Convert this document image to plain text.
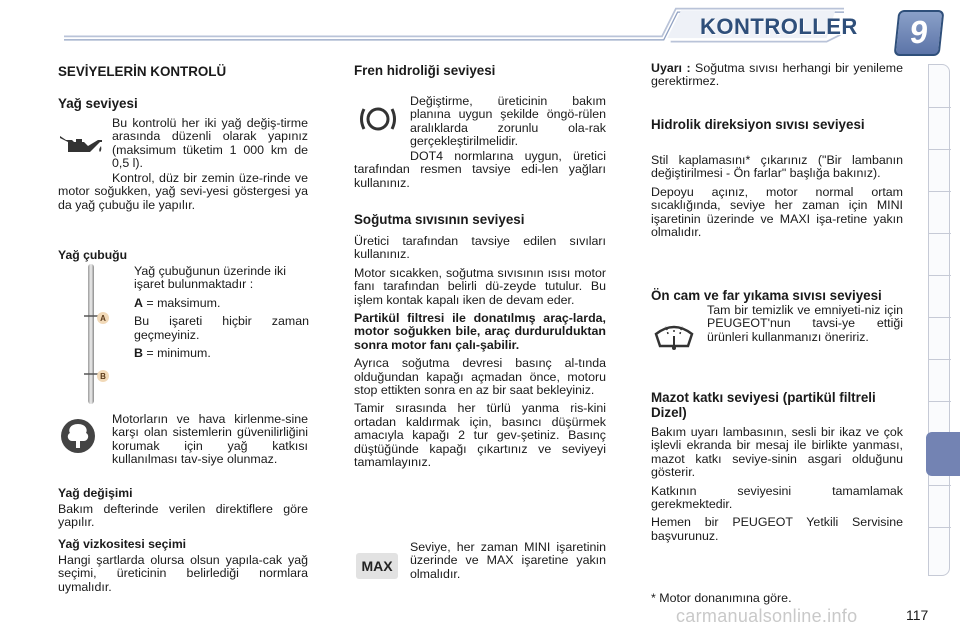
KONTROLLER	9
SEVİYELERİN KONTROLÜ
Yağ seviyesi
Bu kontrolü her iki yağ değiş-tirme arasında düzenli olarak yapınız (maksimum tüketim 1 000 km de 0,5 l).
Kontrol, düz bir zemin üze-rinde ve motor soğukken, yağ sevi-yesi göstergesi ya da yağ çubuğu ile yapılır.
Yağ çubuğu
A
B

Yağ çubuğunun üzerinde iki işaret bulunmaktadır :

A = maksimum.

Bu işareti hiçbir zaman geçmeyiniz.

B = minimum.

Motorların ve hava kirlenme-sine karşı olan sistemlerin güvenilirliğini korumak için yağ katkısı kullanılması tav-siye olunmaz.
Yağ değişimi
Bakım defterinde verilen direktiflere göre yapılır.
Yağ vizkositesi seçimi
Hangi şartlarda olursa olsun yapıla-cak yağ seçimi, üreticinin belirlediği normlara uymalıdır.
Fren hidroliği seviyesi
Değiştirme, üreticinin bakım planına uygun şekilde öngö-rülen aralıklarda zorunlu ola-rak gerçekleştirilmelidir.
DOT4 normlarına uygun, üretici tarafından resmen tavsiye edi-len yağları kullanınız.
Soğutma sıvısının seviyesi

Üretici tarafından tavsiye edilen sıvıları kullanınız.

Motor sıcakken, soğutma sıvısının ısısı motor fanı tarafından belirli dü-zeyde tutulur. Bu işlem kontak kapalı iken de devam eder.

Partikül filtresi ile donatılmış araç-larda, motor soğukken bile, araç durdurulduktan sonra motor fanı çalı-şabilir.

Ayrıca soğutma devresi basınç al-tında olduğundan kapağı açmadan önce, motoru stop ettikten sonra en az bir saat bekleyiniz.

Tamir sırasında her türlü yanma ris-kini ortadan kaldırmak için, basıncı düşürmek amacıyla kapağı 2 tur gev-şetiniz. Basınç düştüğünde kapağı çıkartınız ve seviyeyi tamamlayınız.

MAX
Seviye, her zaman MINI işaretinin üzerinde ve MAX işaretine yakın olmalıdır.
Uyarı : Soğutma sıvısı herhangi bir yenileme gerektirmez.
Hidrolik direksiyon sıvısı seviyesi

Stil kaplamasını* çıkarınız ("Bir lambanın değiştirilmesi - Ön farlar" başlığa bakınız).

Depoyu açınız, motor normal ortam sıcaklığında, seviye her zaman için MINI işaretinin üzerinde ve MAXI işa-retine yakın olmalıdır.

Ön cam ve far yıkama sıvısı seviyesi
Tam bir temizlik ve emniyeti-niz için PEUGEOT'nun tavsi-ye ettiği ürünleri kullanmanızı öneririz.
Mazot katkı seviyesi (partikül filtreli Dizel)

Bakım uyarı lambasının, sesli bir ikaz ve çok işlevli ekranda bir mesaj ile birlikte yanması, mazot katkı seviye-sinin asgari olduğunu gösterir.

Katkının seviyesini tamamlamak gerekmektedir.

Hemen bir PEUGEOT Yetkili Servisine başvurunuz.

* Motor donanımına göre.
carmanualsonline.info	117
